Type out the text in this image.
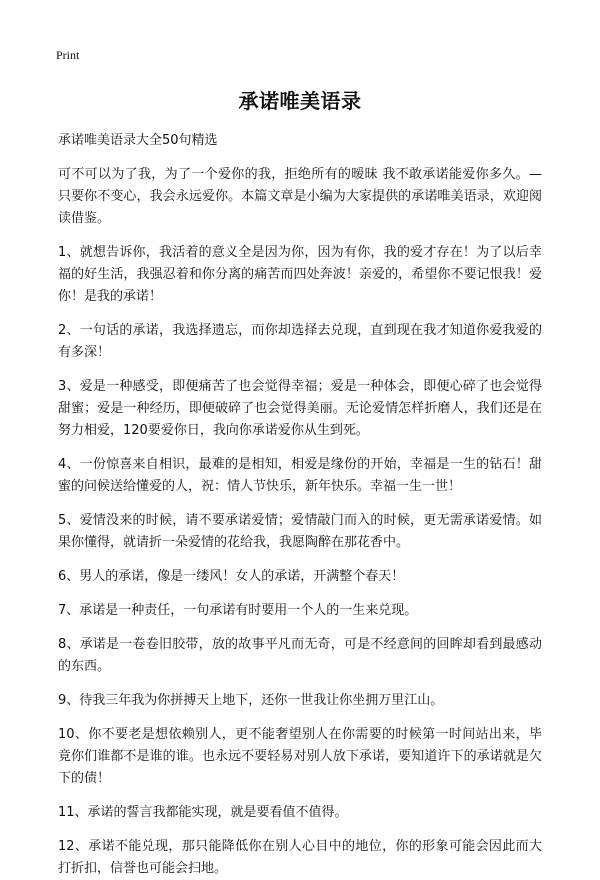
Print
承诺唯美语录

承诺唯美语录大全50句精选

可不可以为了我，为了一个爱你的我，拒绝所有的暧昧 我不敢承诺能爱你多久。— 只要你不变心，我会永远爱你。本篇文章是小编为大家提供的承诺唯美语录，欢迎阅读借鉴。

1、就想告诉你，我活着的意义全是因为你，因为有你，我的爱才存在！为了以后幸福的好生活，我强忍着和你分离的痛苦而四处奔波！亲爱的，希望你不要记恨我！爱你！是我的承诺！

2、一句话的承诺，我选择遗忘，而你却选择去兑现，直到现在我才知道你爱我爱的有多深！

3、爱是一种感受，即便痛苦了也会觉得幸福；爱是一种体会，即便心碎了也会觉得甜蜜；爱是一种经历，即便破碎了也会觉得美丽。无论爱情怎样折磨人，我们还是在努力相爱，120要爱你日，我向你承诺爱你从生到死。

4、一份惊喜来自相识，最难的是相知，相爱是缘份的开始，幸福是一生的钻石！甜蜜的问候送给懂爱的人，祝：情人节快乐，新年快乐。幸福一生一世！

5、爱情没来的时候，请不要承诺爱情；爱情敲门而入的时候，更无需承诺爱情。如果你懂得，就请折一朵爱情的花给我，我愿陶醉在那花香中。

6、男人的承诺，像是一缕风！女人的承诺，开满整个春天！

7、承诺是一种责任，一句承诺有时要用一个人的一生来兑现。

8、承诺是一卷卷旧胶带，放的故事平凡而无奇，可是不经意间的回眸却看到最感动的东西。

9、待我三年我为你拼搏天上地下，还你一世我让你坐拥万里江山。

10、你不要老是想依赖别人，更不能奢望别人在你需要的时候第一时间站出来，毕竟你们谁都不是谁的谁。也永远不要轻易对别人放下承诺，要知道许下的承诺就是欠下的债！

11、承诺的誓言我都能实现，就是要看值不值得。

12、承诺不能兑现，那只能降低你在别人心目中的地位，你的形象可能会因此而大打折扣，信誉也可能会扫地。
